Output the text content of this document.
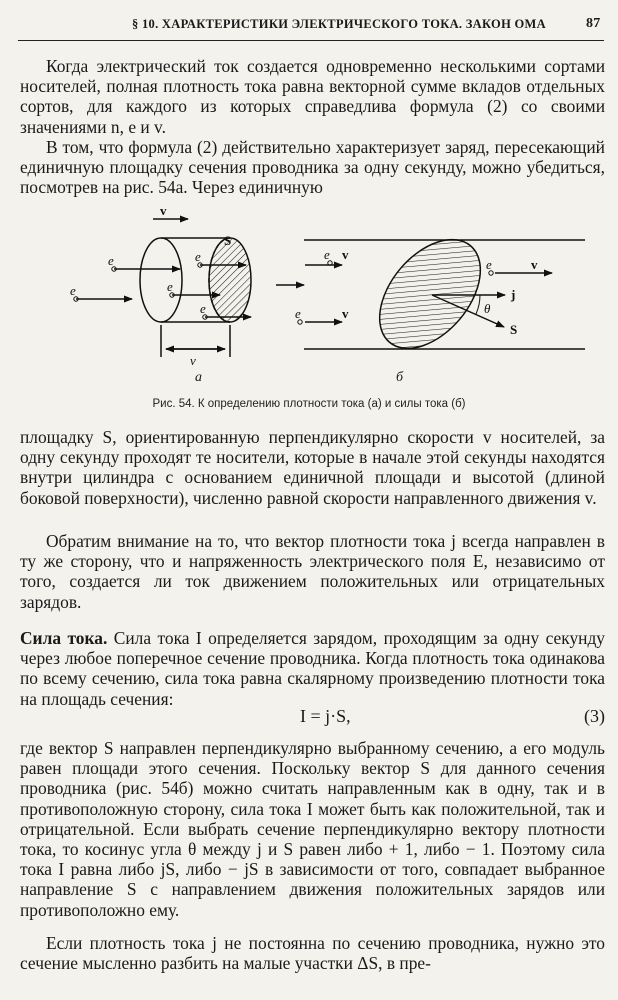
§ 10. ХАРАКТЕРИСТИКИ ЭЛЕКТРИЧЕСКОГО ТОКА. ЗАКОН ОМА	87

Когда электрический ток создается одновременно несколькими сортами носителей, полная плотность тока равна векторной сумме вкладов отдельных сортов, для каждого из которых справедлива формула (2) со своими значениями n, e и v.

В том, что формула (2) действительно характеризует заряд, пересекающий единичную площадку сечения проводника за одну секунду, можно убедиться, посмотрев на рис. 54а. Через единичную

v
S
e
e
e
e
e
v
e v
e	v
e	v
j
θ
S
а	б
Рис. 54. К определению плотности тока (а) и силы тока (б)

площадку S, ориентированную перпендикулярно скорости v носителей, за одну секунду проходят те носители, которые в начале этой секунды находятся внутри цилиндра с основанием единичной площади и высотой (длиной боковой поверхности), численно равной скорости направленного движения v.

Обратим внимание на то, что вектор плотности тока j всегда направлен в ту же сторону, что и напряженность электрического поля E, независимо от того, создается ли ток движением положительных или отрицательных зарядов.

Сила тока. Сила тока I определяется зарядом, проходящим за одну секунду через любое поперечное сечение проводника. Когда плотность тока одинакова по всему сечению, сила тока равна скалярному произведению плотности тока на площадь сечения:

I = j·S,	(3)

где вектор S направлен перпендикулярно выбранному сечению, а его модуль равен площади этого сечения. Поскольку вектор S для данного сечения проводника (рис. 54б) можно считать направленным как в одну, так и в противоположную сторону, сила тока I может быть как положительной, так и отрицательной. Если выбрать сечение перпендикулярно вектору плотности тока, то косинус угла θ между j и S равен либо + 1, либо − 1. Поэтому сила тока I равна либо jS, либо − jS в зависимости от того, совпадает выбранное направление S с направлением движения положительных зарядов или противоположно ему.

Если плотность тока j не постоянна по сечению проводника, нужно это сечение мысленно разбить на малые участки ΔS, в пре-
